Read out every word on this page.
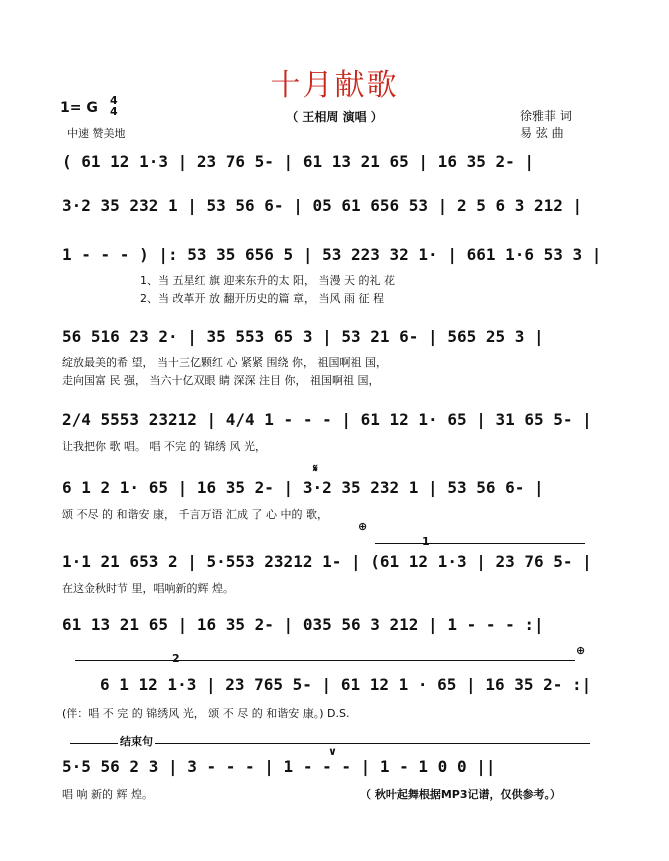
十月献歌
（ 王相周 演唱 ）
1= G 4
4
中速 赞美地
徐雅菲 词
易 弦 曲
( 61 12 1·3 | 23 76 5- | 61 13 21 65 | 16 35 2- |
3·2 35 232 1 | 53 56 6- | 05 61 656 53 | 2 5 6 3 212 |
1 - - - ) |: 53 35 656 5 | 53 223 32 1· | 661 1·6 53 3 |
1、当 五星红 旗 迎来东升的太 阳， 当漫 天 的礼 花
2、当 改革开 放 翻开历史的篇 章， 当风 雨 征 程
56 516 23 2· | 35 553 65 3 | 53 21 6- | 565 25 3 |
绽放最美的希 望， 当十三亿颗红 心 紧紧 围绕 你， 祖国啊祖 国，
走向国富 民 强， 当六十亿双眼 睛 深深 注目 你， 祖国啊祖 国，
2/4 5553 23212 | 4/4 1 - - - | 61 12 1· 65 | 31 65 5- |
让我把你 歌 唱。 唱 不完 的 锦绣 风 光，
𝄋
6 1 2 1· 65 | 16 35 2- | 3·2 35 232 1 | 53 56 6- |
颂 不尽 的 和谐安 康， 千言万语 汇成 了 心 中的 歌，
⊕
1
1·1 21 653 2 | 5·553 23212 1- | (61 12 1·3 | 23 76 5- |
在这金秋时节 里，唱响新的辉 煌。
61 13 21 65 | 16 35 2- | 035 56 3 212 | 1 - - - :|
⊕
2
6 1 12 1·3 | 23 765 5- | 61 12 1 · 65 | 16 35 2- :|
(伴：唱 不 完 的 锦绣风 光， 颂 不 尽 的 和谐安 康。) D.S.
结束句
∨
5·5 56 2 3 | 3 - - - | 1 - - - | 1 - 1 0 0 ||
唱 响 新的 辉 煌。	（ 秋叶起舞根据MP3记谱，仅供参考。）
